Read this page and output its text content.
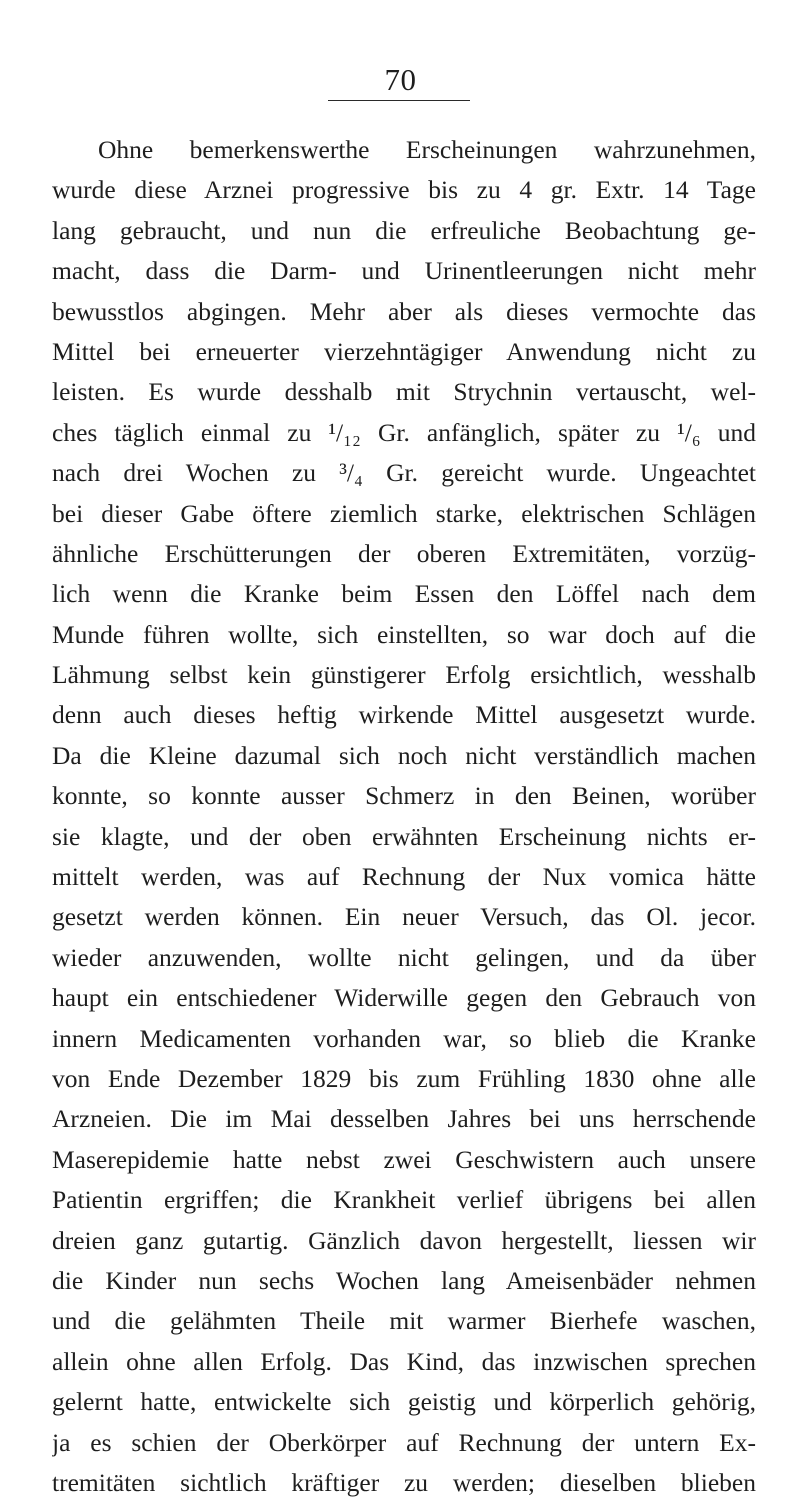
70
Ohne bemerkenswerthe Erscheinungen wahrzunehmen,
wurde diese Arznei progressive bis zu 4 gr. Extr. 14 Tage
lang gebraucht, und nun die erfreuliche Beobachtung ge-
macht, dass die Darm- und Urinentleerungen nicht mehr
bewusstlos abgingen. Mehr aber als dieses vermochte das
Mittel bei erneuerter vierzehntägiger Anwendung nicht zu
leisten. Es wurde desshalb mit Strychnin vertauscht, wel-
ches täglich einmal zu ¹/₁₂ Gr. anfänglich, später zu ¹/₆ und
nach drei Wochen zu ³/₄ Gr. gereicht wurde. Ungeachtet
bei dieser Gabe öftere ziemlich starke, elektrischen Schlägen
ähnliche Erschütterungen der oberen Extremitäten, vorzüg-
lich wenn die Kranke beim Essen den Löffel nach dem
Munde führen wollte, sich einstellten, so war doch auf die
Lähmung selbst kein günstigerer Erfolg ersichtlich, wesshalb
denn auch dieses heftig wirkende Mittel ausgesetzt wurde.
Da die Kleine dazumal sich noch nicht verständlich machen
konnte, so konnte ausser Schmerz in den Beinen, worüber
sie klagte, und der oben erwähnten Erscheinung nichts er-
mittelt werden, was auf Rechnung der Nux vomica hätte
gesetzt werden können. Ein neuer Versuch, das Ol. jecor.
wieder anzuwenden, wollte nicht gelingen, und da über
haupt ein entschiedener Widerwille gegen den Gebrauch von
innern Medicamenten vorhanden war, so blieb die Kranke
von Ende Dezember 1829 bis zum Frühling 1830 ohne alle
Arzneien. Die im Mai desselben Jahres bei uns herrschende
Maserepidemie hatte nebst zwei Geschwistern auch unsere
Patientin ergriffen; die Krankheit verlief übrigens bei allen
dreien ganz gutartig. Gänzlich davon hergestellt, liessen wir
die Kinder nun sechs Wochen lang Ameisenbäder nehmen
und die gelähmten Theile mit warmer Bierhefe waschen,
allein ohne allen Erfolg. Das Kind, das inzwischen sprechen
gelernt hatte, entwickelte sich geistig und körperlich gehörig,
ja es schien der Oberkörper auf Rechnung der untern Ex-
tremitäten sichtlich kräftiger zu werden; dieselben blieben
